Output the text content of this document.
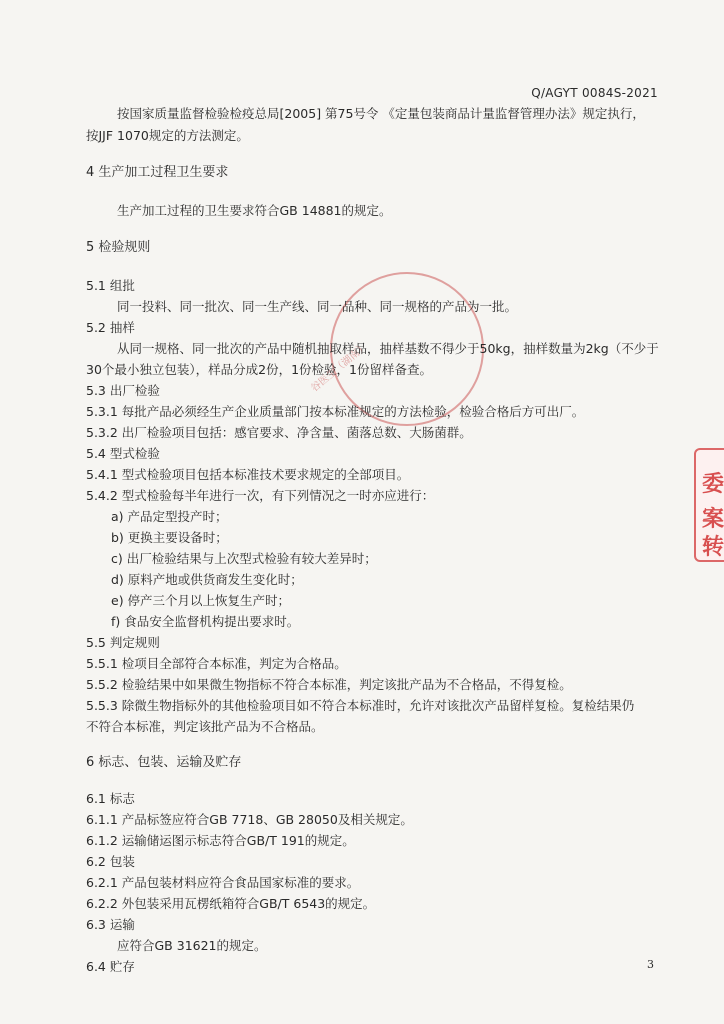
Q/AGYT 0084S-2021
谷医生（湖南）
按国家质量监督检验检疫总局[2005] 第75号令 《定量包装商品计量监督管理办法》规定执行，
按JJF 1070规定的方法测定。
4 生产加工过程卫生要求
生产加工过程的卫生要求符合GB 14881的规定。
5 检验规则
5.1 组批
同一投料、同一批次、同一生产线、同一品种、同一规格的产品为一批。
5.2 抽样
从同一规格、同一批次的产品中随机抽取样品，抽样基数不得少于50kg，抽样数量为2kg（不少于
30个最小独立包装），样品分成2份，1份检验，1份留样备查。
5.3 出厂检验
5.3.1 每批产品必须经生产企业质量部门按本标准规定的方法检验，检验合格后方可出厂。
5.3.2 出厂检验项目包括：感官要求、净含量、菌落总数、大肠菌群。
5.4 型式检验
5.4.1 型式检验项目包括本标准技术要求规定的全部项目。
5.4.2 型式检验每半年进行一次，有下列情况之一时亦应进行：
a) 产品定型投产时；
b) 更换主要设备时；
c) 出厂检验结果与上次型式检验有较大差异时；
d) 原料产地或供货商发生变化时；
e) 停产三个月以上恢复生产时；
f) 食品安全监督机构提出要求时。
5.5 判定规则
5.5.1 检项目全部符合本标准，判定为合格品。
5.5.2 检验结果中如果微生物指标不符合本标准，判定该批产品为不合格品，不得复检。
5.5.3 除微生物指标外的其他检验项目如不符合本标准时，允许对该批次产品留样复检。复检结果仍
不符合本标准，判定该批产品为不合格品。
6 标志、包装、运输及贮存
6.1 标志
6.1.1 产品标签应符合GB 7718、GB 28050及相关规定。
6.1.2 运输储运图示标志符合GB/T 191的规定。
6.2 包装
6.2.1 产品包装材料应符合食品国家标准的要求。
6.2.2 外包装采用瓦楞纸箱符合GB/T 6543的规定。
6.3 运输
应符合GB 31621的规定。
6.4 贮存	3
委
案转
